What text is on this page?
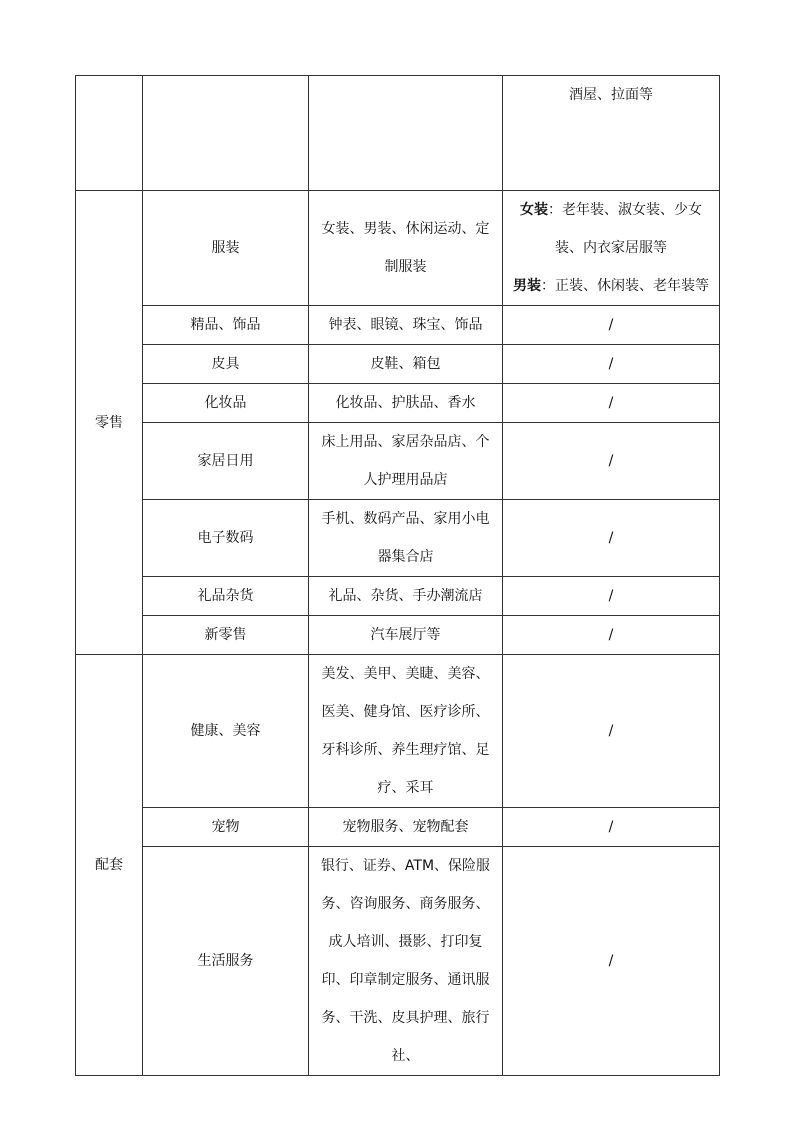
			酒屋、拉面等
零售	服装	女装、男装、休闲运动、定制服装	女装：老年装、淑女装、少女装、内衣家居服等
男装：正装、休闲装、老年装等

	精品、饰品	钟表、眼镜、珠宝、饰品	/
	皮具	皮鞋、箱包	/
	化妆品	化妆品、护肤品、香水	/
	家居日用	床上用品、家居杂品店、个人护理用品店	/
	电子数码	手机、数码产品、家用小电器集合店	/
	礼品杂货	礼品、杂货、手办潮流店	/
	新零售	汽车展厅等	/
配套	健康、美容	美发、美甲、美睫、美容、医美、健身馆、医疗诊所、牙科诊所、养生理疗馆、足疗、采耳	/
	宠物	宠物服务、宠物配套	/
	生活服务	银行、证券、ATM、保险服务、咨询服务、商务服务、成人培训、摄影、打印复印、印章制定服务、通讯服务、干洗、皮具护理、旅行社、	/
